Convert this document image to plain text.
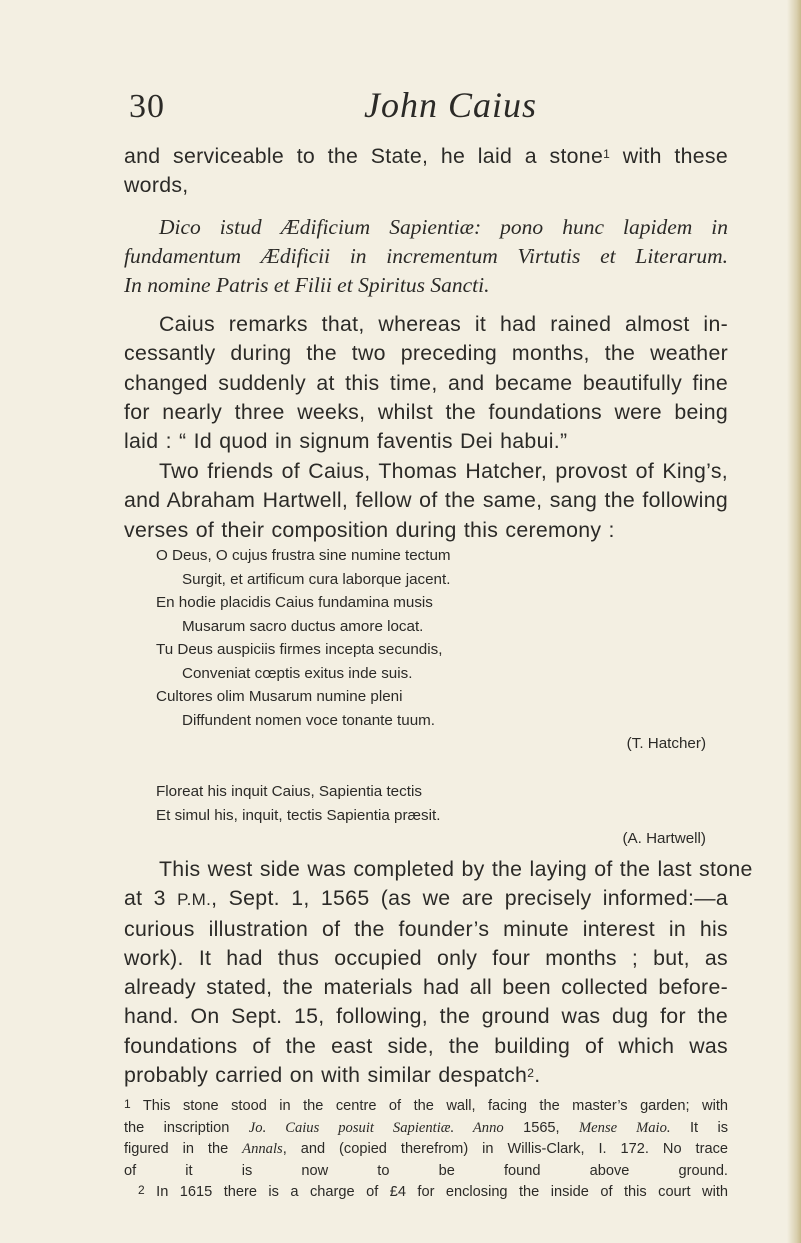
30	John Caius
and serviceable to the State, he laid a stone$^1$ with these
words,
Dico istud Ædificium Sapientiæ: pono hunc lapidem in
fundamentum Ædificii in incrementum Virtutis et Literarum.
In nomine Patris et Filii et Spiritus Sancti.
Caius remarks that, whereas it had rained almost in-
cessantly during the two preceding months, the weather
changed suddenly at this time, and became beautifully fine
for nearly three weeks, whilst the foundations were being
laid : “ Id quod in signum faventis Dei habui.”
Two friends of Caius, Thomas Hatcher, provost of King’s,
and Abraham Hartwell, fellow of the same, sang the following
verses of their composition during this ceremony :
O Deus, O cujus frustra sine numine tectum
Surgit, et artificum cura laborque jacent.
En hodie placidis Caius fundamina musis
Musarum sacro ductus amore locat.
Tu Deus auspiciis firmes incepta secundis,
Conveniat cœptis exitus inde suis.
Cultores olim Musarum numine pleni
Diffundent nomen voce tonante tuum.
(T. Hatcher)
Floreat his inquit Caius, Sapientia tectis
Et simul his, inquit, tectis Sapientia præsit.
(A. Hartwell)
This west side was completed by the laying of the last stone
at 3 P.M., Sept. 1, 1565 (as we are precisely informed:—a
curious illustration of the founder’s minute interest in his
work). It had thus occupied only four months ; but, as
already stated, the materials had all been collected before-
hand. On Sept. 15, following, the ground was dug for the
foundations of the east side, the building of which was
probably carried on with similar despatch$^2$.
$^1$ This stone stood in the centre of the wall, facing the master’s garden; with
the inscription Jo. Caius posuit Sapientiæ. Anno 1565, Mense Maio. It is
figured in the Annals, and (copied therefrom) in Willis-Clark, I. 172. No trace
of it is now to be found above ground.
$^2$ In 1615 there is a charge of £4 for enclosing the inside of this court with
